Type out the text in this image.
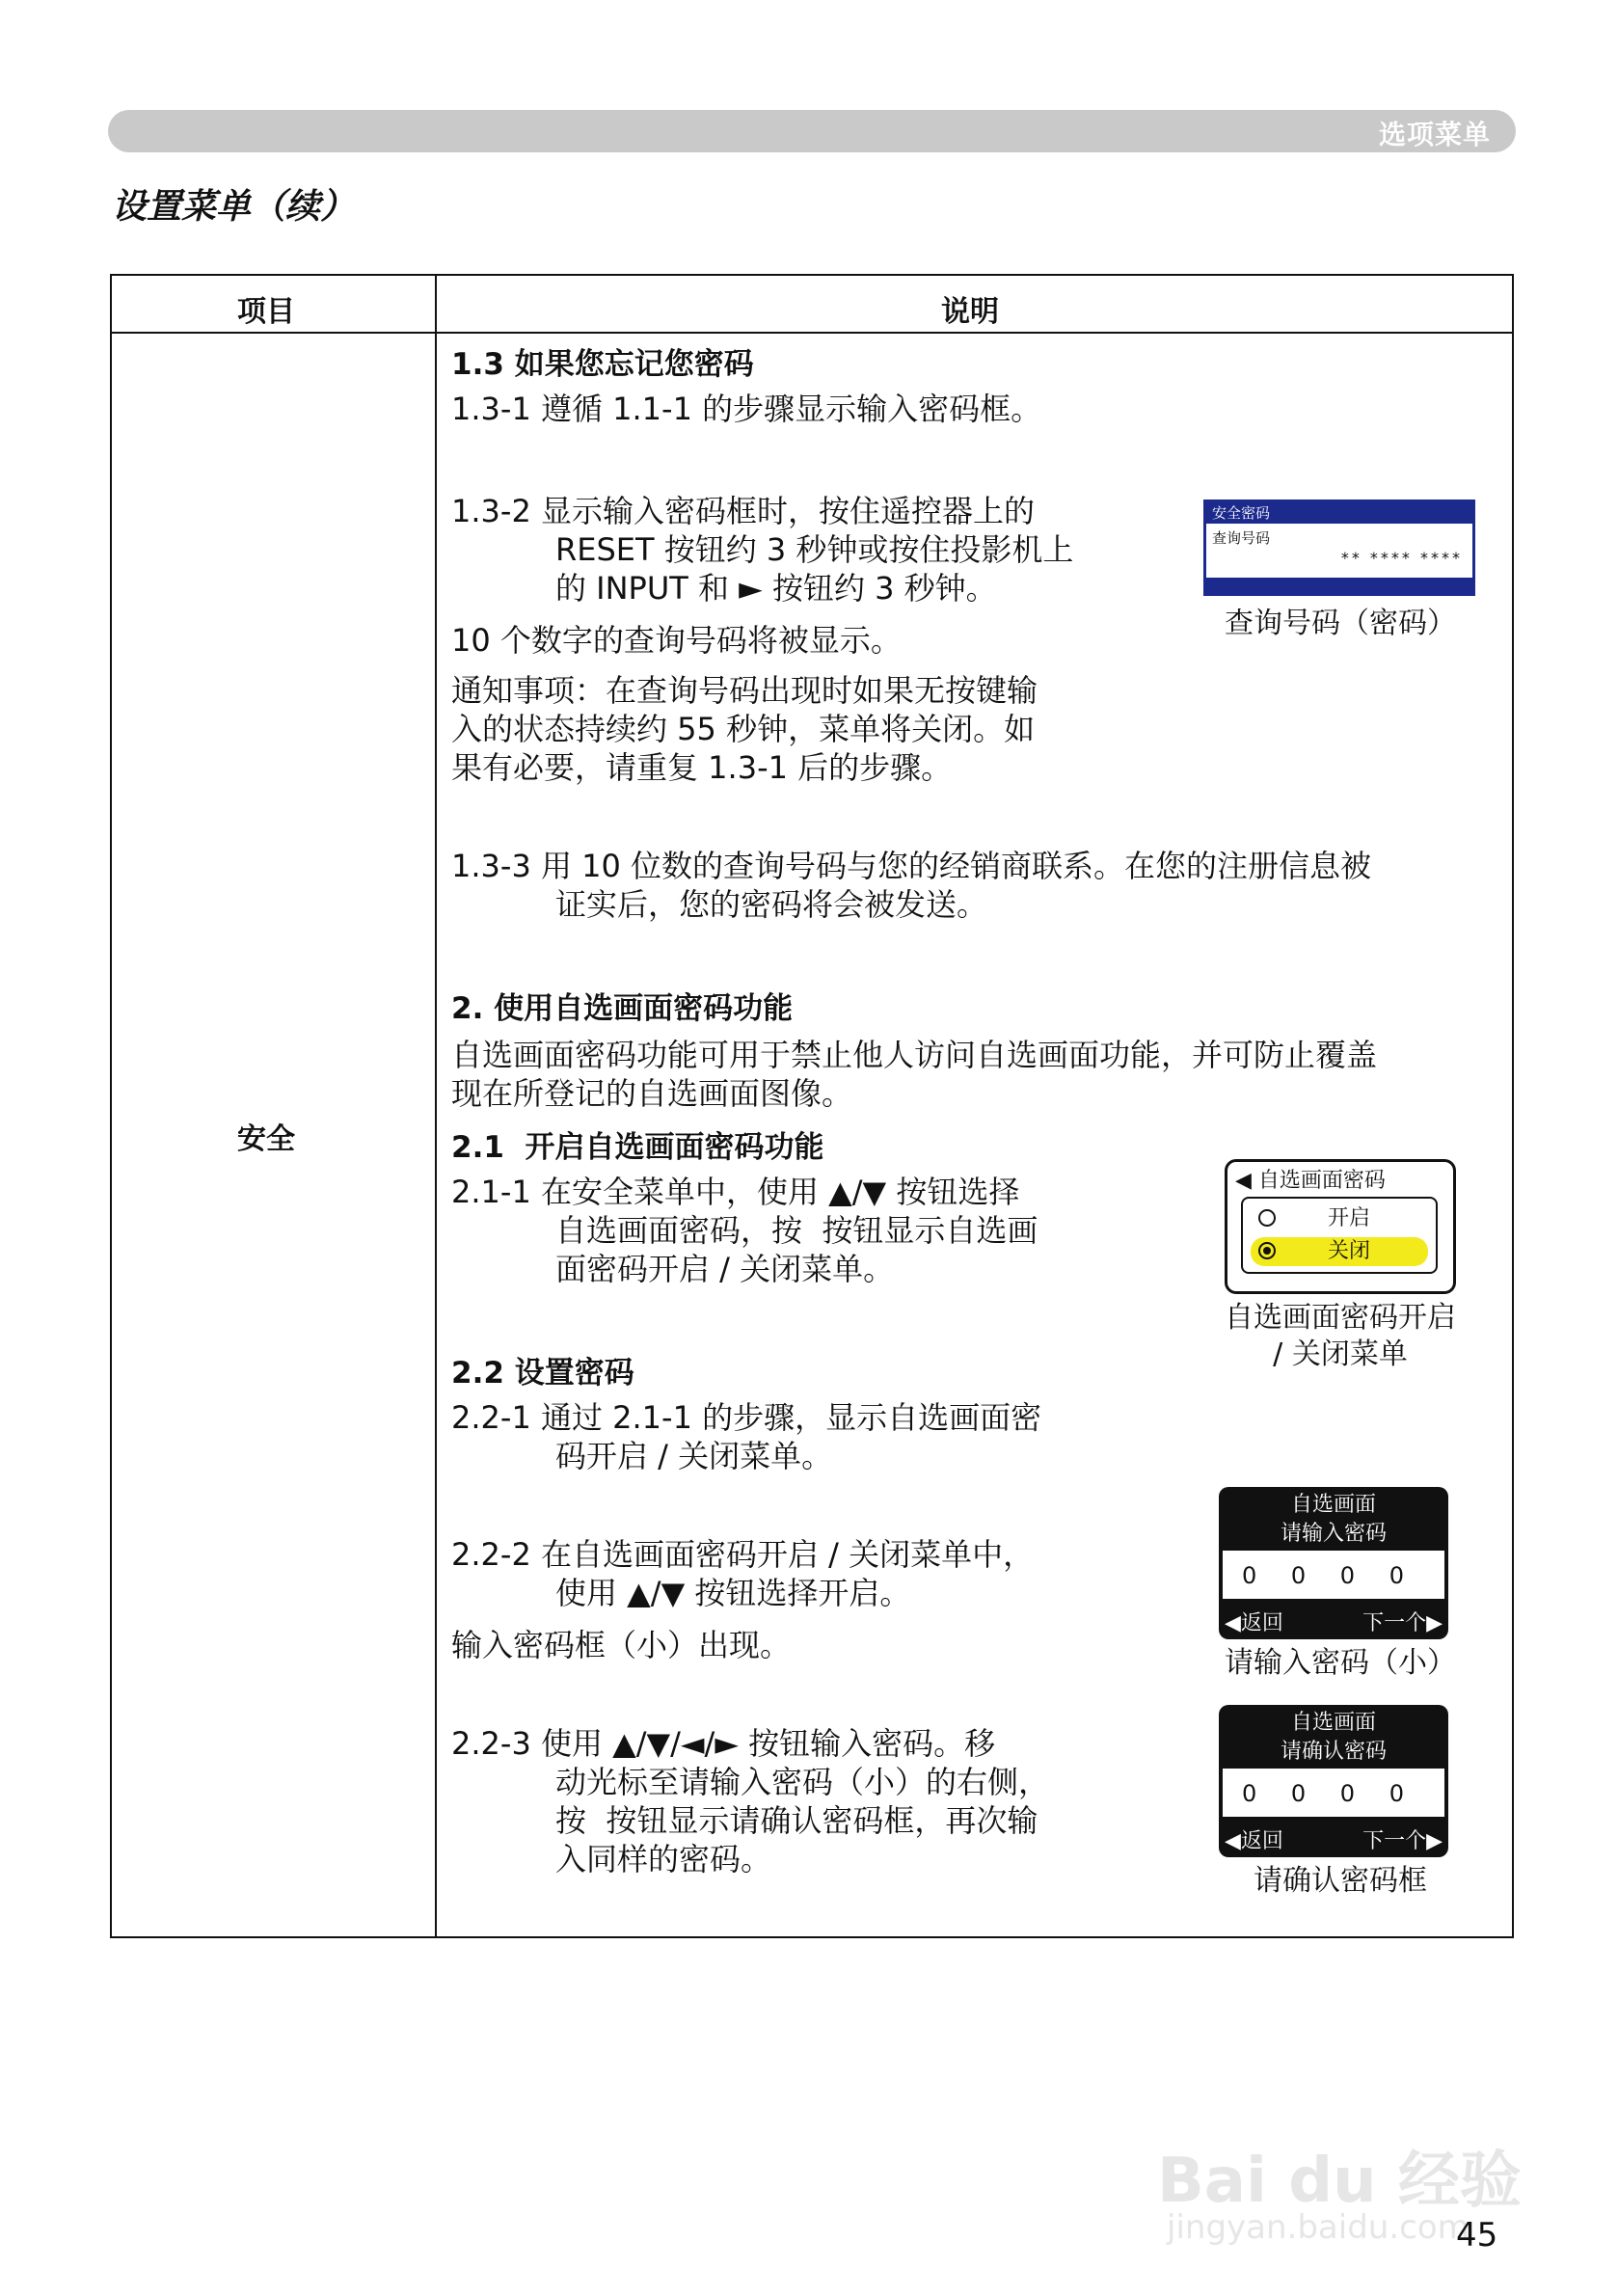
选项菜单
设置菜单（续）
项目	说明
安全
1.3 如果您忘记您密码
1.3-1 遵循 1.1-1 的步骤显示输入密码框。
1.3-2 显示输入密码框时，按住遥控器上的
RESET 按钮约 3 秒钟或按住投影机上
的 INPUT 和 ► 按钮约 3 秒钟。
10 个数字的查询号码将被显示。
通知事项：在查询号码出现时如果无按键输
入的状态持续约 55 秒钟，菜单将关闭。如
果有必要，请重复 1.3-1 后的步骤。
1.3-3 用 10 位数的查询号码与您的经销商联系。在您的注册信息被
证实后，您的密码将会被发送。
2. 使用自选画面密码功能
自选画面密码功能可用于禁止他人访问自选画面功能，并可防止覆盖
现在所登记的自选画面图像。
2.1  开启自选画面密码功能
2.1-1 在安全菜单中，使用 ▲/▼ 按钮选择
自选画面密码，按  按钮显示自选画
面密码开启 / 关闭菜单。
2.2 设置密码
2.2-1 通过 2.1-1 的步骤，显示自选画面密
码开启 / 关闭菜单。
2.2-2 在自选画面密码开启 / 关闭菜单中，
使用 ▲/▼ 按钮选择开启。
输入密码框（小）出现。
2.2-3 使用 ▲/▼/◄/► 按钮输入密码。移
动光标至请输入密码（小）的右侧，
按  按钮显示请确认密码框，再次输
入同样的密码。
安全密码
查询号码
** **** ****
查询号码（密码）
◀ 自选画面密码
开启
关闭
自选画面密码开启
/ 关闭菜单
自选画面
请输入密码
0 0 0 0
◀返回	下一个▶
请输入密码（小）
自选画面
请确认密码
0 0 0 0
◀返回	下一个▶
请确认密码框
Bai du 经验
jingyan.baidu.com
45
